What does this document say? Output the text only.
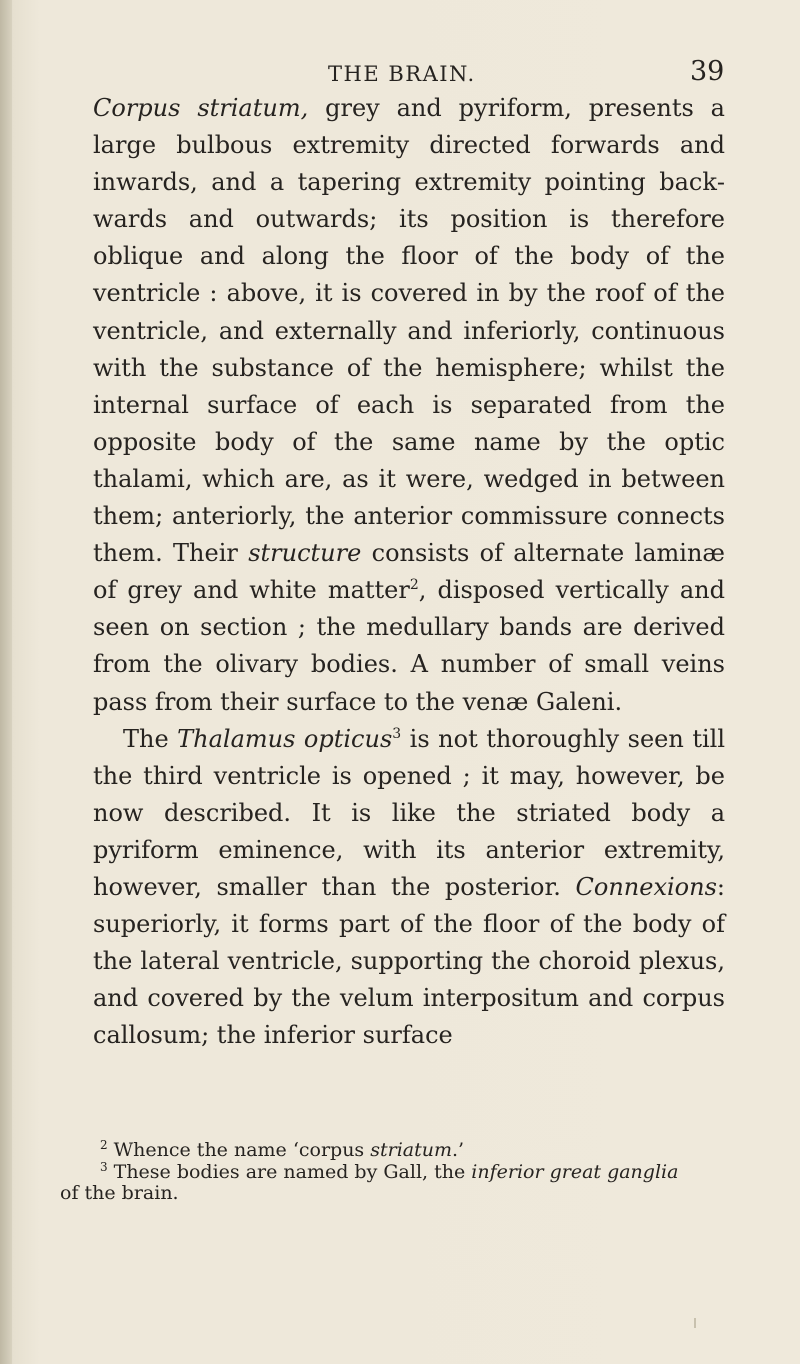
THE BRAIN.	39

Corpus striatum, grey and pyriform, presents a large bulbous extremity directed forwards and inwards, and a tapering extremity pointing backwards and outwards; its position is therefore oblique and along the floor of the body of the ventricle : above, it is covered in by the roof of the ventricle, and externally and inferiorly, continuous with the substance of the hemisphere; whilst the internal surface of each is separated from the opposite body of the same name by the optic thalami, which are, as it were, wedged in between them; anteriorly, the anterior commissure connects them. Their structure consists of alternate laminæ of grey and white matter$^2$, disposed vertically and seen on section ; the medullary bands are derived from the olivary bodies. A number of small veins pass from their surface to the venæ Galeni.

The Thalamus opticus$^3$ is not thoroughly seen till the third ventricle is opened ; it may, however, be now described. It is like the striated body a pyriform eminence, with its anterior extremity, however, smaller than the posterior. Connexions: superiorly, it forms part of the floor of the body of the lateral ventricle, supporting the choroid plexus, and covered by the velum interpositum and corpus callosum; the inferior surface

$^2$ Whence the name ‘corpus striatum.’

$^3$ These bodies are named by Gall, the inferior great ganglia

of the brain.
